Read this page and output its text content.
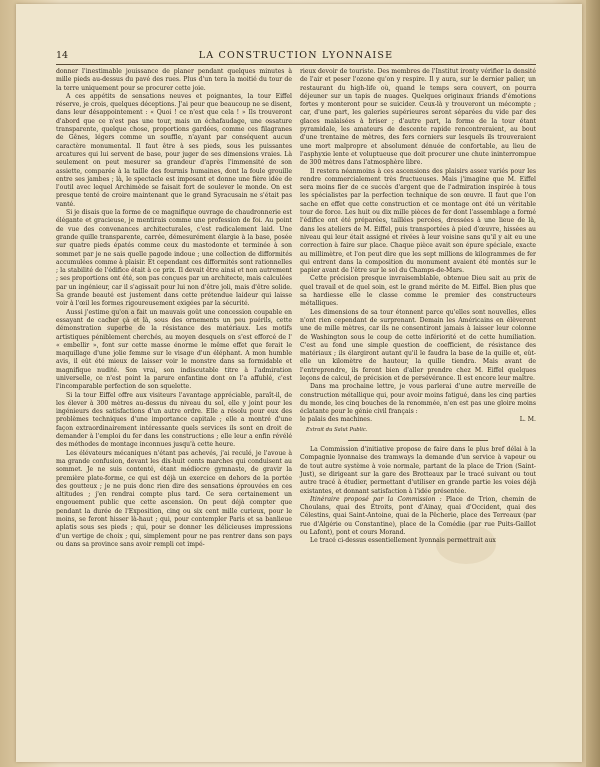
14	LA CONSTRUCTION LYONNAISE

donner l'inestimable jouissance de planer pendant quelques minutes à mille pieds au-dessus du pavé des rues. Plus d'un tera la moitié du tour de la terre uniquement pour se procurer cette joie.

A ces appétits de sensations neuves et poignantes, la tour Eiffel réserve, je crois, quelques déceptions. J'ai peur que beaucoup ne se disent, dans leur désappointement : « Quoi ! ce n'est que cela ! » Ils trouveront d'abord que ce n'est pas une tour, mais un échafaudage, une ossature transparente, quelque chose, proportions gardées, comme ces filagranes de Gênes, légers comme un souffle, n'ayant par conséquent aucun caractère monumental. Il faut être à ses pieds, sous les puissantes arcatures qui lui servent de base, pour juger de ses dimensions vraies. Là seulement on peut mesurer sa grandeur d'après l'immensité de son assiette, comparée à la taille des fourmis humaines, dont la foule grouille entre ses jambes ; là, le spectacle est imposant et donne une fière idée de l'outil avec lequel Archimède se faisait fort de soulever le monde. On est presque tenté de croire maintenant que le grand Syracusain ne s'était pas vanté.

Si je disais que la forme de ce magnifique ouvrage de chaudronnerie est élégante et gracieuse, je mentirais comme une profession de foi. Au point de vue des convenances architecturales, c'est radicalement laid. Une grande quille transparente, carrée, démesurément élargie à la base, posée sur quatre pieds épatés comme ceux du mastodonte et terminée à son sommet par je ne sais quelle pagode indoue ; une collection de difformités accumulées comme à plaisir. Et cependant ces difformités sont rationnelles ; la stabilité de l'édifice était à ce prix. Il devait être ainsi et non autrement ; ses proportions ont été, son pas conçues par un architecte, mais calculées par un ingénieur, car il s'agissait pour lui non d'être joli, mais d'être solide. Sa grande beauté est justement dans cette prétendue laideur qui laisse voir à l'œil les formes rigoureusement exigées par la sécurité.

Aussi j'estime qu'on a fait un mauvais goût une concession coupable en essayant de cacher çà et là, sous des ornements un peu puérils, cette démonstration superbe de la résistance des matériaux. Les motifs artistiques péniblement cherchés, au moyen desquels on s'est efforcé de l' « embellir », font sur cette masse énorme le même effet que ferait le maquillage d'une jolie femme sur le visage d'un éléphant. A mon humble avis, il eût été mieux de laisser voir le monstre dans sa formidable et magnifique nudité. Son vrai, son indiscutable titre à l'admiration universelle, ce n'est point la parure enfantine dont on l'a affublé, c'est l'incomparable perfection de son squelette.

Si la tour Eiffel offre aux visiteurs l'avantage appréciable, paraît-il, de les élever à 300 mètres au-dessus du niveau du sol, elle y joint pour les ingénieurs des satisfactions d'un autre ordre. Elle a résolu pour eux des problèmes techniques d'une importance capitale ; elle a montré d'une façon extraordinairement intéressante quels services ils sont en droit de demander à l'emploi du fer dans les constructions ; elle leur a enfin révélé des méthodes de montage inconnues jusqu'à cette heure.

Les élévateurs mécaniques n'étant pas achevés, j'ai reculé, je l'avoue à ma grande confusion, devant les dix-huit cents marches qui conduisent au sommet. Je ne suis contenté, étant médiocre gymnaste, de gravir la première plate-forme, ce qui est déjà un exercice en dehors de la portée des goutteux ; je ne puis donc rien dire des sensations éprouvées en ces altitudes ; j'en rendrai compte plus tard. Ce sera certainement un engouement public que cette ascension. On peut déjà compter que pendant la durée de l'Exposition, cinq ou six cent mille curieux, pour le moins, se feront hisser là-haut ; qui, pour contempler Paris et sa banlieue aplatis sous ses pieds ; qui, pour se donner les délicieuses impressions d'un vertige de choix ; qui, simplement pour ne pas rentrer dans son pays ou dans sa province sans avoir rempli cet impé-

rieux devoir de touriste. Des membres de l'Institut ironty vérifier la densité de l'air et peser l'ozone qu'on y respire. Il y aura, sur le dernier palier, un restaurant du high-life où, quand le temps sera couvert, on pourra déjeuner sur un tapis de nuages. Quelques originaux friands d'émotions fortes y monteront pour se suicider. Ceux-là y trouveront un mécompte ; car, d'une part, les galeries supérieures seront séparées du vide par des glaces malaisées à briser ; d'autre part, la forme de la tour étant pyramidale, les amateurs de descente rapide rencontreraient, au bout d'une trentaine de mètres, des fers corniers sur lesquels ils trouveraient une mort malpropre et absolument dénuée de confortable, au lieu de l'asphyxie lente et voluptueuse que doit procurer une chute ininterrompue de 300 mètres dans l'atmosphère libre.

Il restera néanmoins à ces ascensions des plaisirs assez variés pour les rendre commercialement très fructueuses. Mais j'imagine que M. Eiffel sera moins fier de ce succès d'argent que de l'admiration inspirée à tous les spécialistes par la perfection technique de son œuvre. Il faut que l'on sache en effet que cette construction et ce montage ont été un véritable tour de force. Les huit ou dix mille pièces de fer dont l'assemblage a formé l'édifice ont été préparées, taillées percées, dressées à une lieue de là, dans les ateliers de M. Eiffel, puis transportées à pied d'œuvre, hissées au niveau qui leur était assigné et rivées à leur voisine sans qu'il y ait eu une correction à faire sur place. Chaque pièce avait son épure spéciale, exacte au millimètre, et l'on peut dire que les sept millions de kilogrammes de fer qui entrent dans la composition du monument avaient été montés sur le papier avant de l'être sur le sol du Champs-de-Mars.

Cette précision presque invraisemblable, obtenue Dieu sait au prix de quel travail et de quel soin, est le grand mérite de M. Eiffel. Bien plus que sa hardiesse elle le classe comme le premier des constructeurs métalliques.

Les dimensions de sa tour étonnent parce qu'elles sont nouvelles, elles n'ont rien cependant de surprenant. Demain les Américains en élèveront une de mille mètres, car ils ne consentiront jamais à laisser leur colonne de Washington sous le coup de cette infériorité et de cette humiliation. C'est au fond une simple question de coefficient, de résistance des matériaux ; ils élargiront autant qu'il le faudra la base de la quille et, eût-elle un kilomètre de hauteur, la quille tiendra. Mais avant de l'entreprendre, ils feront bien d'aller prendre chez M. Eiffel quelques leçons de calcul, de précision et de persévérance. Il est encore leur maître.

Dans ma prochaine lettre, je vous parlerai d'une autre merveille de construction métallique qui, pour avoir moins fatigué, dans les cinq parties du monde, les cinq bouches de la renommée, n'en est pas une gloire moins éclatante pour le génie civil français :

le palais des machines.	L. M.

Extrait du Salut Public.

La Commission d'initiative propose de faire dans le plus bref délai à la Compagnie lyonnaise des tramways la demande d'un service à vapeur ou de tout autre système à voie normale, partant de la place de Trion (Saint-Just), se dirigeant sur la gare des Brotteaux par le tracé suivant ou tout autre tracé à étudier, permettant d'utiliser en grande partie les voies déjà existantes, et donnant satisfaction à l'idée présentée.

Itinéraire proposé par la Commission : Place de Trion, chemin de Choulans, quai des Étroits, pont d'Ainay, quai d'Occident, quai des Célestins, quai Saint-Antoine, quai de la Pêcherie, place des Terreaux (par rue d'Algérie ou Constantine), place de la Comédie (par rue Puits-Gaillot ou Lafont), pont et cours Morand.

Le tracé ci-dessus essentiellement lyonnais permettrait aux
